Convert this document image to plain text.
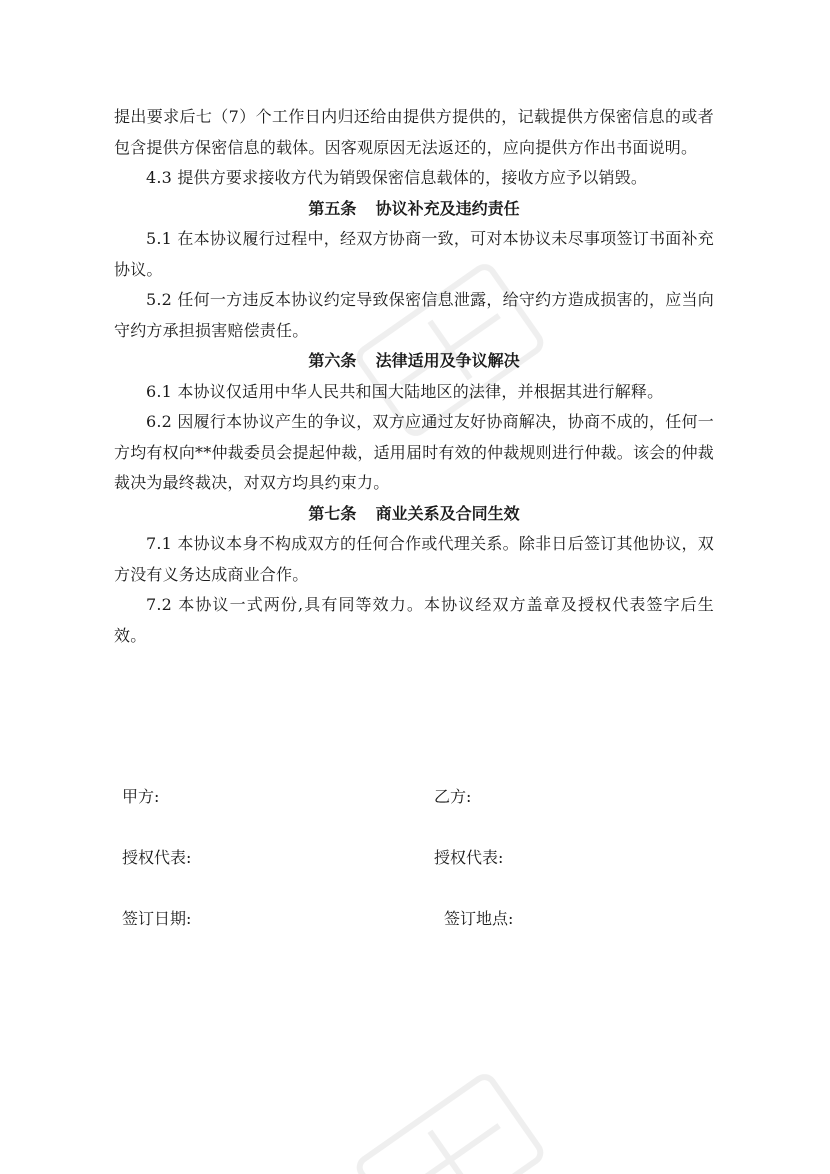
提出要求后七（7）个工作日内归还给由提供方提供的，记载提供方保密信息的或者包含提供方保密信息的载体。因客观原因无法返还的，应向提供方作出书面说明。

4.3 提供方要求接收方代为销毁保密信息载体的，接收方应予以销毁。

第五条 协议补充及违约责任

5.1 在本协议履行过程中，经双方协商一致，可对本协议未尽事项签订书面补充协议。

5.2 任何一方违反本协议约定导致保密信息泄露，给守约方造成损害的，应当向守约方承担损害赔偿责任。

第六条 法律适用及争议解决

6.1 本协议仅适用中华人民共和国大陆地区的法律，并根据其进行解释。

6.2 因履行本协议产生的争议，双方应通过友好协商解决，协商不成的，任何一方均有权向**仲裁委员会提起仲裁，适用届时有效的仲裁规则进行仲裁。该会的仲裁裁决为最终裁决，对双方均具约束力。

第七条 商业关系及合同生效

7.1 本协议本身不构成双方的任何合作或代理关系。除非日后签订其他协议，双方没有义务达成商业合作。

7.2 本协议一式两份,具有同等效力。本协议经双方盖章及授权代表签字后生效。

甲方:	乙方:
授权代表:	授权代表:
签订日期:	签订地点:
